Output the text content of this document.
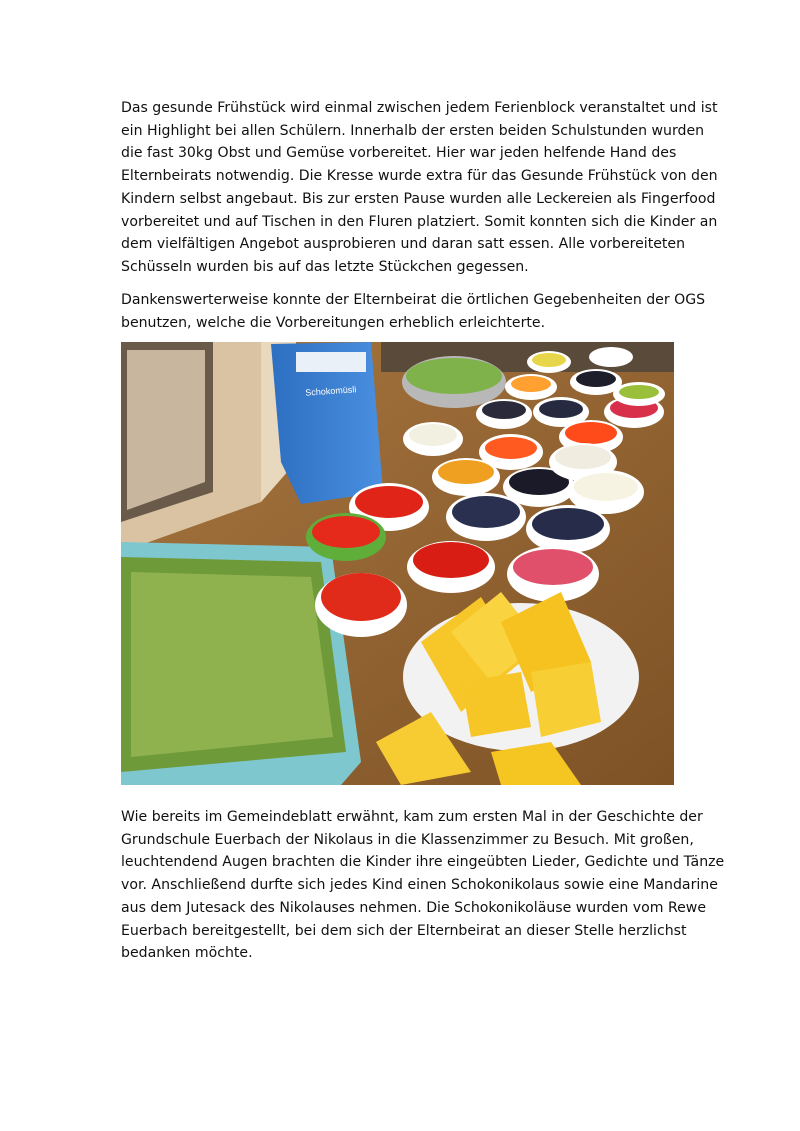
Das gesunde Frühstück wird einmal zwischen jedem Ferienblock veranstaltet und ist
ein Highlight bei allen Schülern. Innerhalb der ersten beiden Schulstunden wurden
die fast 30kg Obst und Gemüse vorbereitet. Hier war jeden helfende Hand des
Elternbeirats notwendig. Die Kresse wurde extra für das Gesunde Frühstück von den
Kindern selbst angebaut. Bis zur ersten Pause wurden alle Leckereien als Fingerfood
vorbereitet und auf Tischen in den Fluren platziert. Somit konnten sich die Kinder an
dem vielfältigen Angebot ausprobieren und daran satt essen. Alle vorbereiteten
Schüsseln wurden bis auf das letzte Stückchen gegessen.
Dankenswerterweise konnte der Elternbeirat die örtlichen Gegebenheiten der OGS
benutzen, welche die Vorbereitungen erheblich erleichterte.
Schokomüsli
Wie bereits im Gemeindeblatt erwähnt, kam zum ersten Mal in der Geschichte der
Grundschule Euerbach der Nikolaus in die Klassenzimmer zu Besuch. Mit großen,
leuchtendend Augen brachten die Kinder ihre eingeübten Lieder, Gedichte und Tänze
vor. Anschließend durfte sich jedes Kind einen Schokonikolaus sowie eine Mandarine
aus dem Jutesack des Nikolauses nehmen. Die Schokonikoläuse wurden vom Rewe
Euerbach bereitgestellt, bei dem sich der Elternbeirat an dieser Stelle herzlichst
bedanken möchte.
